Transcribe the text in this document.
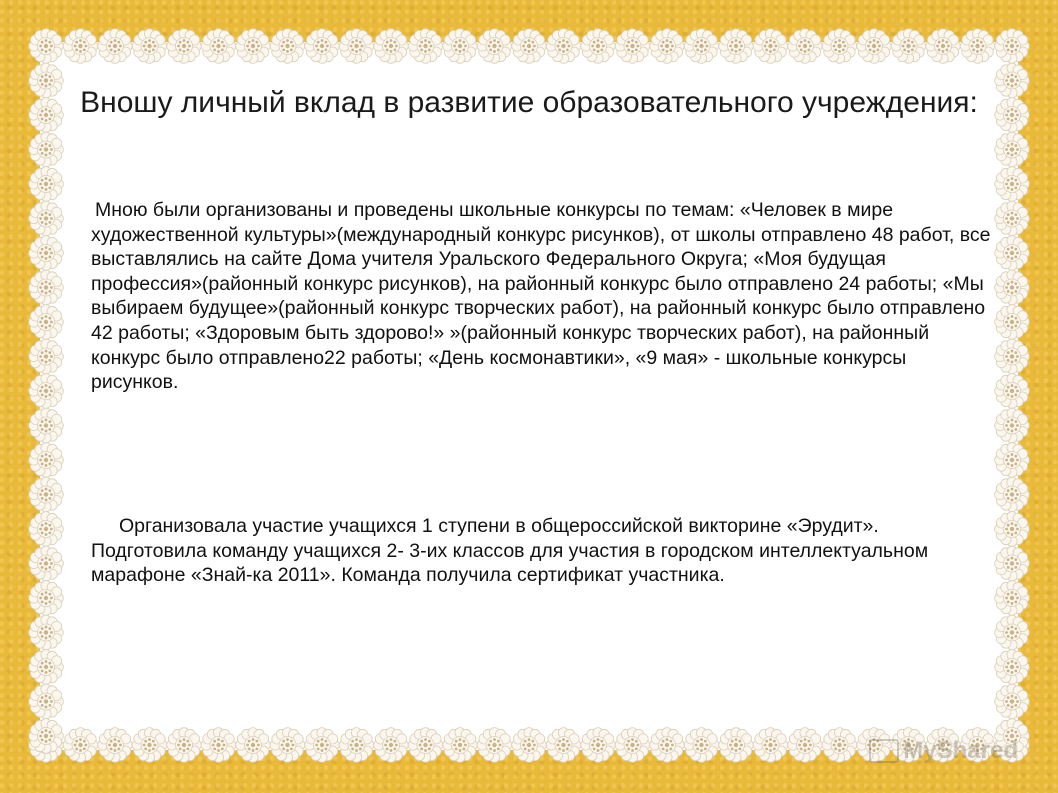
Вношу личный вклад в развитие образовательного учреждения:

Мною были организованы и проведены школьные конкурсы по темам: «Человек в мире художественной культуры»(международный конкурс рисунков), от школы отправлено 48 работ, все выставлялись на сайте Дома учителя Уральского Федерального Округа; «Моя будущая профессия»(районный конкурс рисунков), на районный конкурс было отправлено 24 работы; «Мы выбираем будущее»(районный конкурс творческих работ), на районный конкурс было отправлено 42 работы; «Здоровым быть здорово!» »(районный конкурс творческих работ), на районный конкурс было отправлено22 работы; «День космонавтики», «9 мая» - школьные конкурсы рисунков.

Организовала участие учащихся 1 ступени в общероссийской викторине «Эрудит». Подготовила команду учащихся 2- 3-их классов для участия в городском интеллектуальном марафоне «Знай-ка 2011». Команда получила сертификат участника.

MyShared
